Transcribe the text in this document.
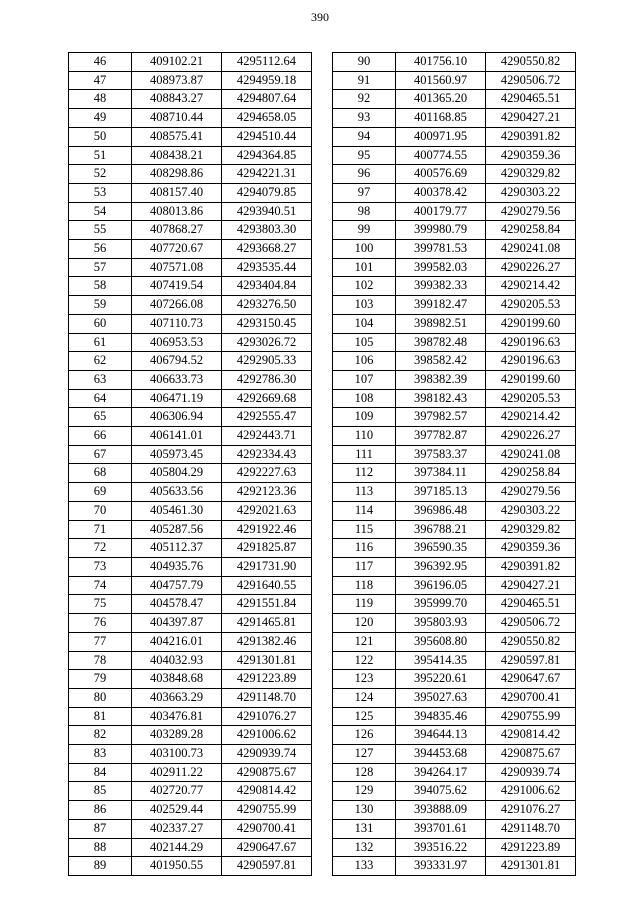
390
46	409102.21	4295112.64
47	408973.87	4294959.18
48	408843.27	4294807.64
49	408710.44	4294658.05
50	408575.41	4294510.44
51	408438.21	4294364.85
52	408298.86	4294221.31
53	408157.40	4294079.85
54	408013.86	4293940.51
55	407868.27	4293803.30
56	407720.67	4293668.27
57	407571.08	4293535.44
58	407419.54	4293404.84
59	407266.08	4293276.50
60	407110.73	4293150.45
61	406953.53	4293026.72
62	406794.52	4292905.33
63	406633.73	4292786.30
64	406471.19	4292669.68
65	406306.94	4292555.47
66	406141.01	4292443.71
67	405973.45	4292334.43
68	405804.29	4292227.63
69	405633.56	4292123.36
70	405461.30	4292021.63
71	405287.56	4291922.46
72	405112.37	4291825.87
73	404935.76	4291731.90
74	404757.79	4291640.55
75	404578.47	4291551.84
76	404397.87	4291465.81
77	404216.01	4291382.46
78	404032.93	4291301.81
79	403848.68	4291223.89
80	403663.29	4291148.70
81	403476.81	4291076.27
82	403289.28	4291006.62
83	403100.73	4290939.74
84	402911.22	4290875.67
85	402720.77	4290814.42
86	402529.44	4290755.99
87	402337.27	4290700.41
88	402144.29	4290647.67
89	401950.55	4290597.81
90	401756.10	4290550.82
91	401560.97	4290506.72
92	401365.20	4290465.51
93	401168.85	4290427.21
94	400971.95	4290391.82
95	400774.55	4290359.36
96	400576.69	4290329.82
97	400378.42	4290303.22
98	400179.77	4290279.56
99	399980.79	4290258.84
100	399781.53	4290241.08
101	399582.03	4290226.27
102	399382.33	4290214.42
103	399182.47	4290205.53
104	398982.51	4290199.60
105	398782.48	4290196.63
106	398582.42	4290196.63
107	398382.39	4290199.60
108	398182.43	4290205.53
109	397982.57	4290214.42
110	397782.87	4290226.27
111	397583.37	4290241.08
112	397384.11	4290258.84
113	397185.13	4290279.56
114	396986.48	4290303.22
115	396788.21	4290329.82
116	396590.35	4290359.36
117	396392.95	4290391.82
118	396196.05	4290427.21
119	395999.70	4290465.51
120	395803.93	4290506.72
121	395608.80	4290550.82
122	395414.35	4290597.81
123	395220.61	4290647.67
124	395027.63	4290700.41
125	394835.46	4290755.99
126	394644.13	4290814.42
127	394453.68	4290875.67
128	394264.17	4290939.74
129	394075.62	4291006.62
130	393888.09	4291076.27
131	393701.61	4291148.70
132	393516.22	4291223.89
133	393331.97	4291301.81
